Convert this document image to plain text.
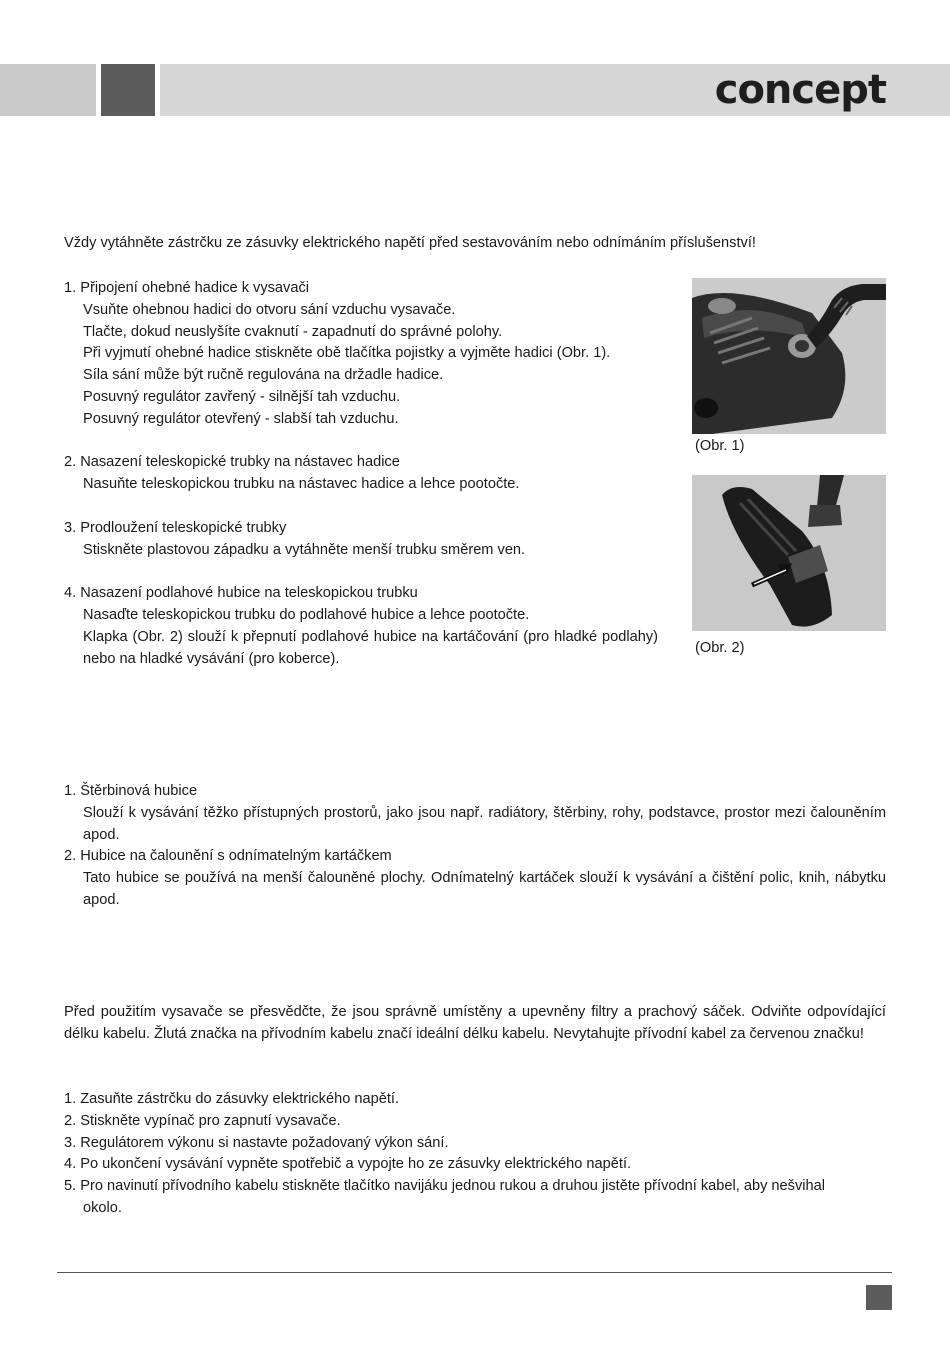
concept

Vždy vytáhněte zástrčku ze zásuvky elektrického napětí před sestavováním nebo odnímáním příslušenství!

1. Připojení ohebné hadice k vysavači
Vsuňte ohebnou hadici do otvoru sání vzduchu vysavače.
Tlačte, dokud neuslyšíte cvaknutí - zapadnutí do správné polohy.
Při vyjmutí ohebné hadice stiskněte obě tlačítka pojistky a vyjměte hadici (Obr. 1).
Síla sání může být ručně regulována na držadle hadice.
Posuvný regulátor zavřený - silnější tah vzduchu.
Posuvný regulátor otevřený - slabší tah vzduchu.

2. Nasazení teleskopické trubky na nástavec hadice
Nasuňte teleskopickou trubku na nástavec hadice a lehce pootočte.

3. Prodloužení teleskopické trubky
Stiskněte plastovou západku a vytáhněte menší trubku směrem ven.

4. Nasazení podlahové hubice na teleskopickou trubku
Nasaďte teleskopickou trubku do podlahové hubice a lehce pootočte.
Klapka (Obr. 2) slouží k přepnutí podlahové hubice na kartáčování (pro hladké podlahy) nebo na hladké vysávání (pro koberce).
(Obr. 1)
(Obr. 2)
1. Štěrbinová hubice
Slouží k vysávání těžko přístupných prostorů, jako jsou např. radiátory, štěrbiny, rohy, podstavce, prostor mezi čalouněním apod.
2. Hubice na čalounění s odnímatelným kartáčkem
Tato hubice se používá na menší čalouněné plochy. Odnímatelný kartáček slouží k vysávání a čištění polic, knih, nábytku apod.

Před použitím vysavače se přesvědčte, že jsou správně umístěny a upevněny filtry a prachový sáček. Odviňte odpovídající délku kabelu. Žlutá značka na přívodním kabelu značí ideální délku kabelu. Nevytahujte přívodní kabel za červenou značku!

1. Zasuňte zástrčku do zásuvky elektrického napětí.
2. Stiskněte vypínač pro zapnutí vysavače.
3. Regulátorem výkonu si nastavte požadovaný výkon sání.
4. Po ukončení vysávání vypněte spotřebič a vypojte ho ze zásuvky elektrického napětí.
5. Pro navinutí přívodního kabelu stiskněte tlačítko navijáku jednou rukou a druhou jistěte přívodní kabel, aby nešvihal
okolo.
